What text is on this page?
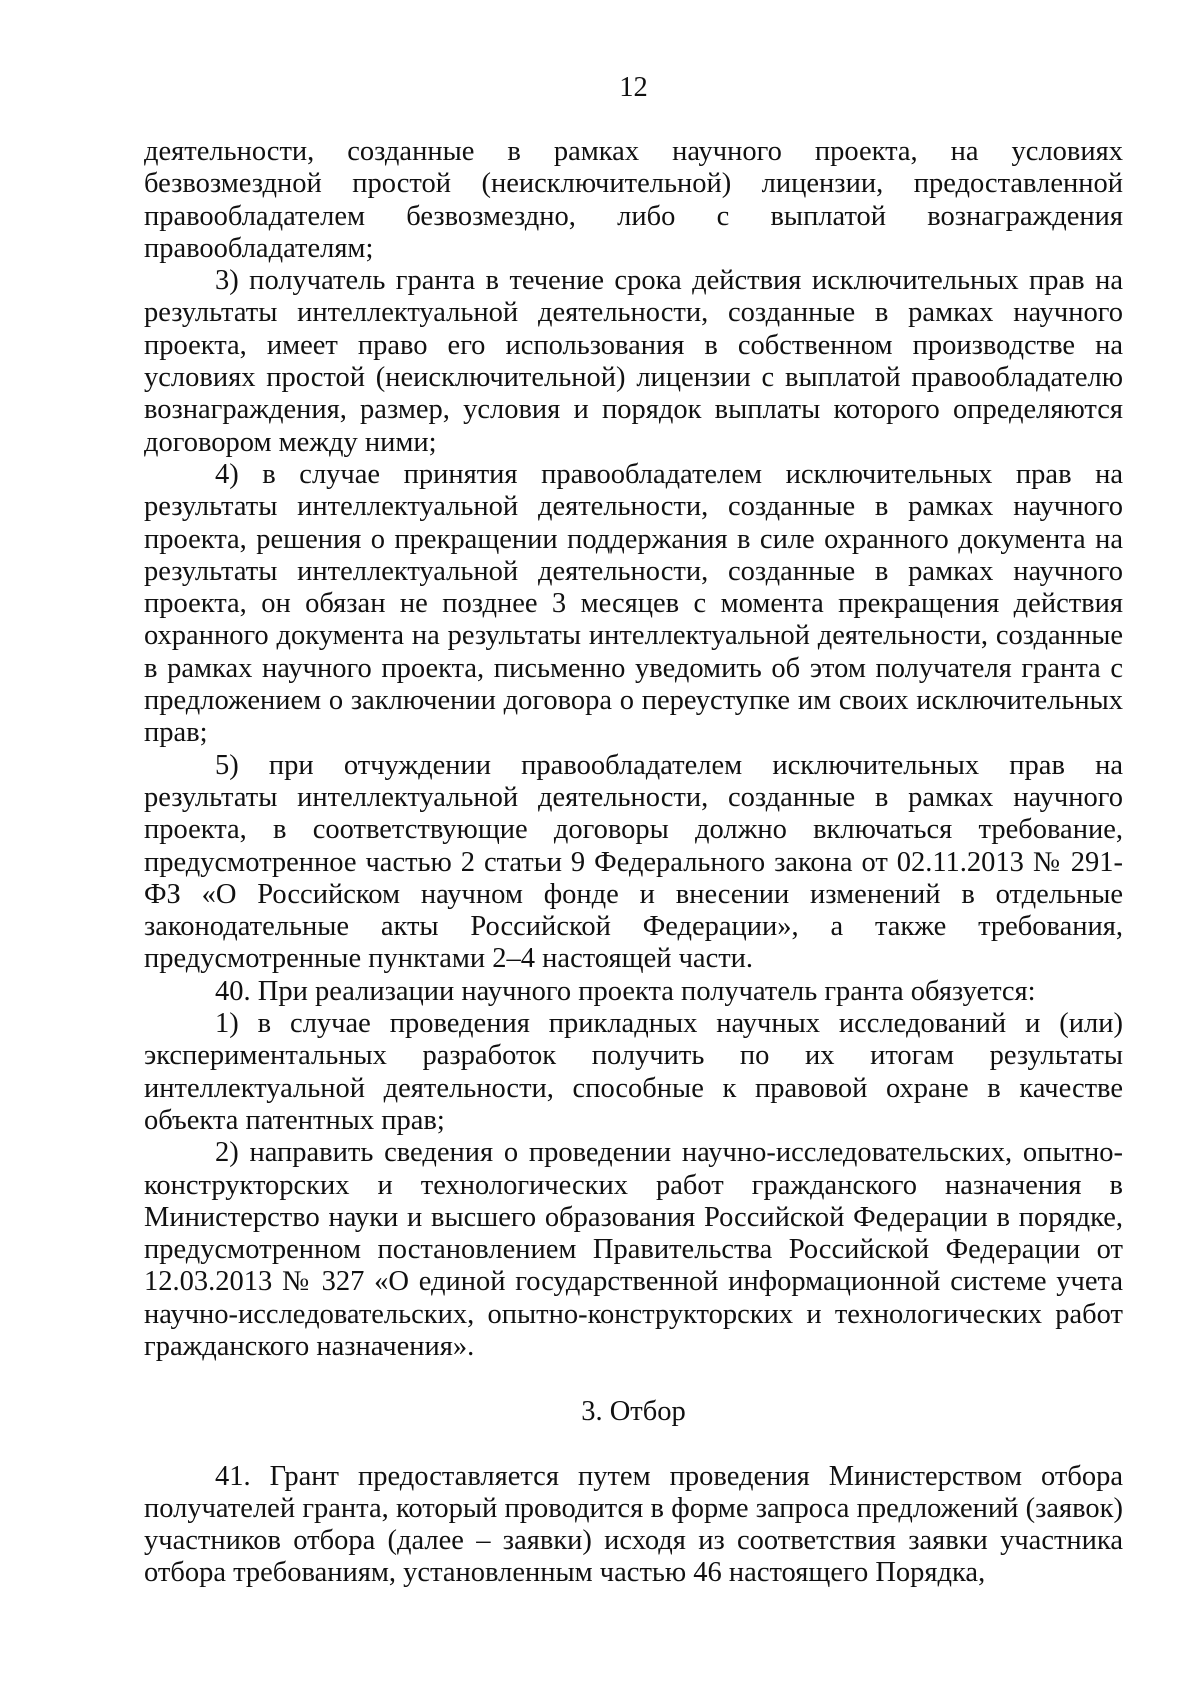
12

деятельности, созданные в рамках научного проекта, на условиях безвозмездной простой (неисключительной) лицензии, предоставленной правообладателем безвозмездно, либо с выплатой вознаграждения правообладателям;

3) получатель гранта в течение срока действия исключительных прав на результаты интеллектуальной деятельности, созданные в рамках научного проекта, имеет право его использования в собственном производстве на условиях простой (неисключительной) лицензии с выплатой правообладателю вознаграждения, размер, условия и порядок выплаты которого определяются договором между ними;

4) в случае принятия правообладателем исключительных прав на результаты интеллектуальной деятельности, созданные в рамках научного проекта, решения о прекращении поддержания в силе охранного документа на результаты интеллектуальной деятельности, созданные в рамках научного проекта, он обязан не позднее 3 месяцев с момента прекращения действия охранного документа на результаты интеллектуальной деятельности, созданные в рамках научного проекта, письменно уведомить об этом получателя гранта с предложением о заключении договора о переуступке им своих исключительных прав;

5) при отчуждении правообладателем исключительных прав на результаты интеллектуальной деятельности, созданные в рамках научного проекта, в соответствующие договоры должно включаться требование, предусмотренное частью 2 статьи 9 Федерального закона от 02.11.2013 № 291-ФЗ «О Российском научном фонде и внесении изменений в отдельные законодательные акты Российской Федерации», а также требования, предусмотренные пунктами 2–4 настоящей части.

40. При реализации научного проекта получатель гранта обязуется:

1) в случае проведения прикладных научных исследований и (или) экспериментальных разработок получить по их итогам результаты интеллектуальной деятельности, способные к правовой охране в качестве объекта патентных прав;

2) направить сведения о проведении научно-исследовательских, опытно-конструкторских и технологических работ гражданского назначения в Министерство науки и высшего образования Российской Федерации в порядке, предусмотренном постановлением Правительства Российской Федерации от 12.03.2013 № 327 «О единой государственной информационной системе учета научно-исследовательских, опытно-конструкторских и технологических работ гражданского назначения».

3. Отбор

41. Грант предоставляется путем проведения Министерством отбора получателей гранта, который проводится в форме запроса предложений (заявок) участников отбора (далее – заявки) исходя из соответствия заявки участника отбора требованиям, установленным частью 46 настоящего Порядка,
